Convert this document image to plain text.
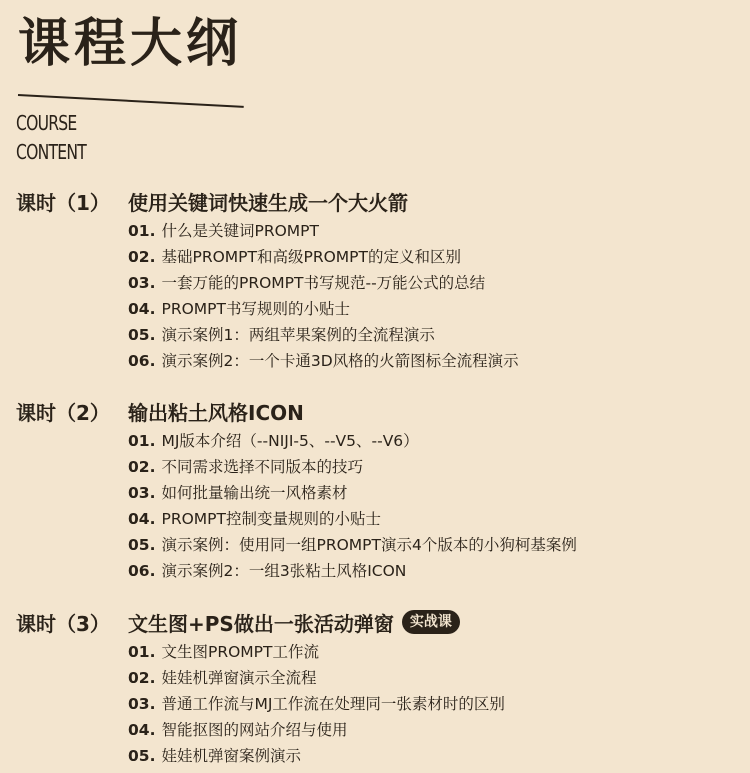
课程大纲
COURSE
CONTENT
课时（1） 使用关键词快速生成一个大火箭
01. 什么是关键词PROMPT
02. 基础PROMPT和高级PROMPT的定义和区别
03. 一套万能的PROMPT书写规范--万能公式的总结
04. PROMPT书写规则的小贴士
05. 演示案例1：两组苹果案例的全流程演示
06. 演示案例2：一个卡通3D风格的火箭图标全流程演示
课时（2） 输出粘土风格ICON
01. MJ版本介绍（--NIJI-5、--V5、--V6）
02. 不同需求选择不同版本的技巧
03. 如何批量输出统一风格素材
04. PROMPT控制变量规则的小贴士
05. 演示案例：使用同一组PROMPT演示4个版本的小狗柯基案例
06. 演示案例2：一组3张粘土风格ICON
课时（3） 文生图+PS做出一张活动弹窗	实战课
01. 文生图PROMPT工作流
02. 娃娃机弹窗演示全流程
03. 普通工作流与MJ工作流在处理同一张素材时的区别
04. 智能抠图的网站介绍与使用
05. 娃娃机弹窗案例演示
